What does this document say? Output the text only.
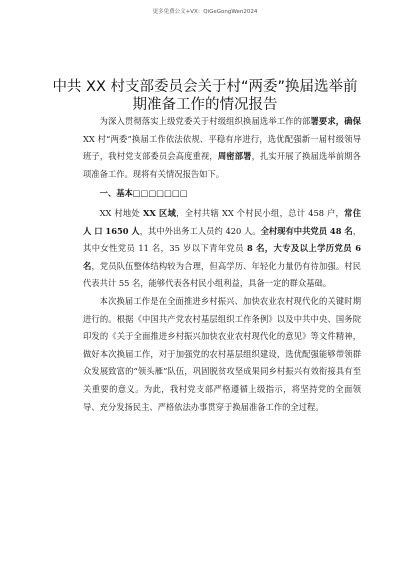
更多免费公文+VX：QiGeGongWen2024
中共 XX 村支部委员会关于村“两委”换届选举前期准备工作的情况报告

为深入贯彻落实上级党委关于村级组织换届选举工作的部署要求，确保 XX 村“两委”换届工作依法依规、平稳有序进行，选优配强新一届村级领导班子，我村党支部委员会高度重视，周密部署，扎实开展了换届选举前期各项准备工作。现将有关情况报告如下。

一、基本□□□□□□□

XX 村地处 XX 区域，全村共辖 XX 个村民小组，总计 458 户，常住人 口 1650 人，其中外出务工人员约 420 人。全村现有中共党员 48 名，其中女性党员 11 名，35 岁以下青年党员 8 名，大专及以上学历党员 6 名，党员队伍整体结构较为合理，但高学历、年轻化力量仍有待加强。村民代表共计 55 名，能够代表各村民小组利益，具备一定的群众基础。

本次换届工作是在全面推进乡村振兴、加快农业农村现代化的关键时期进行的。根据《中国共产党农村基层组织工作条例》以及中共中央、国务院印发的《关于全面推进乡村振兴加快农业农村现代化的意见》等文件精神，做好本次换届工作，对于加强党的农村基层组织建设，选优配强能够带领群众发展致富的“领头雁”队伍，巩固脱贫攻坚成果同乡村振兴有效衔接具有至关重要的意义。为此，我村党支部严格遵循上级指示，将坚持党的全面领导、充分发扬民主、严格依法办事贯穿于换届准备工作的全过程。
